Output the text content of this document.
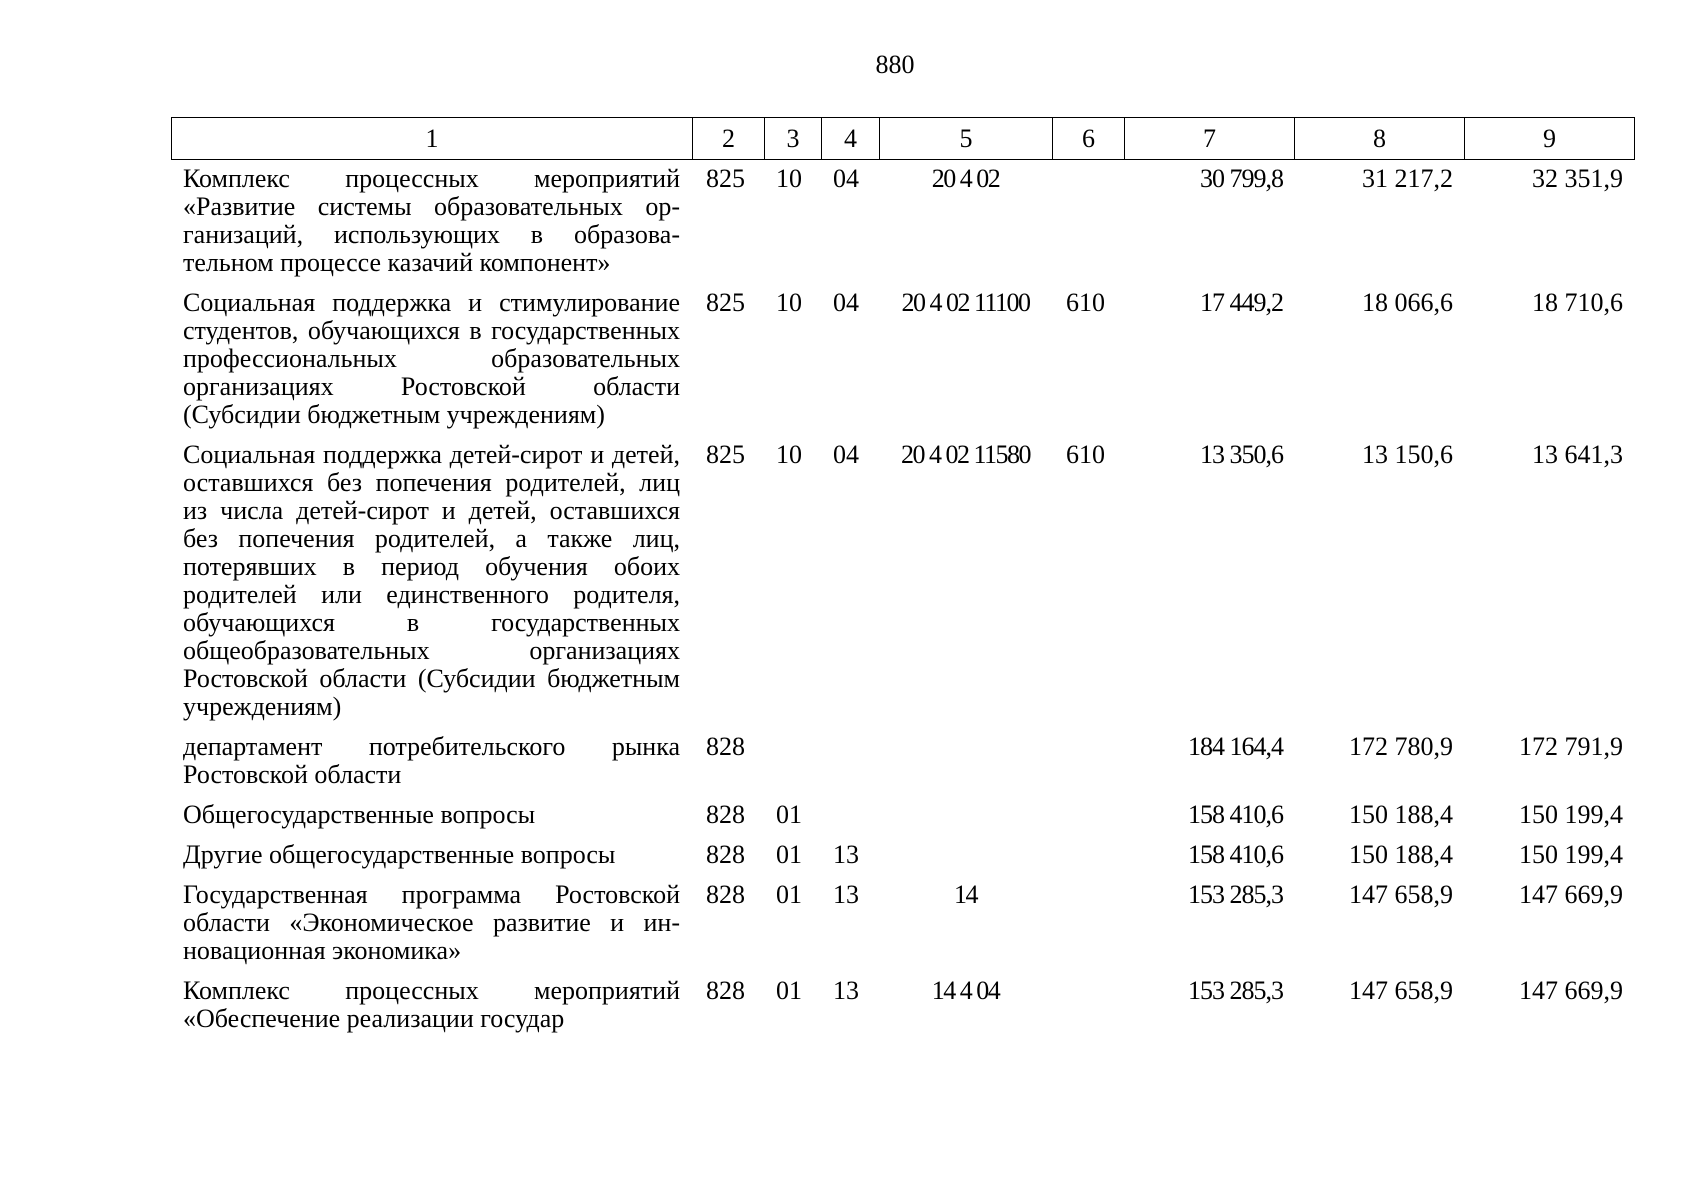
880
1	2	3	4	5	6	7	8	9
Комплекс процессных мероприятий «Развитие системы образовательных организаций, использующих в образовательном процессе казачий компонент»	825	10	04	20 4 02		30 799,8	31 217,2	32 351,9
Социальная поддержка и стимулирование студентов, обучающихся в государственных профессиональных образовательных организациях Ростовской области (Субсидии бюджетным учреждениям)	825	10	04	20 4 02 11100	610	17 449,2	18 066,6	18 710,6
Социальная поддержка детей-сирот и детей, оставшихся без попечения родителей, лиц из числа детей-сирот и детей, оставшихся без попечения родителей, а также лиц, потерявших в период обучения обоих родителей или единственного родителя, обучающихся в государственных общеобразовательных организациях Ростовской области (Субсидии бюджетным учреждениям)	825	10	04	20 4 02 11580	610	13 350,6	13 150,6	13 641,3
департамент потребительского рынка Ростовской области	828					184 164,4	172 780,9	172 791,9
Общегосударственные вопросы	828	01				158 410,6	150 188,4	150 199,4
Другие общегосударственные вопросы	828	01	13			158 410,6	150 188,4	150 199,4
Государственная программа Ростовской области «Экономическое развитие и инновационная экономика»	828	01	13	14		153 285,3	147 658,9	147 669,9
Комплекс процессных мероприятий «Обеспечение реализации государ	828	01	13	14 4 04		153 285,3	147 658,9	147 669,9
